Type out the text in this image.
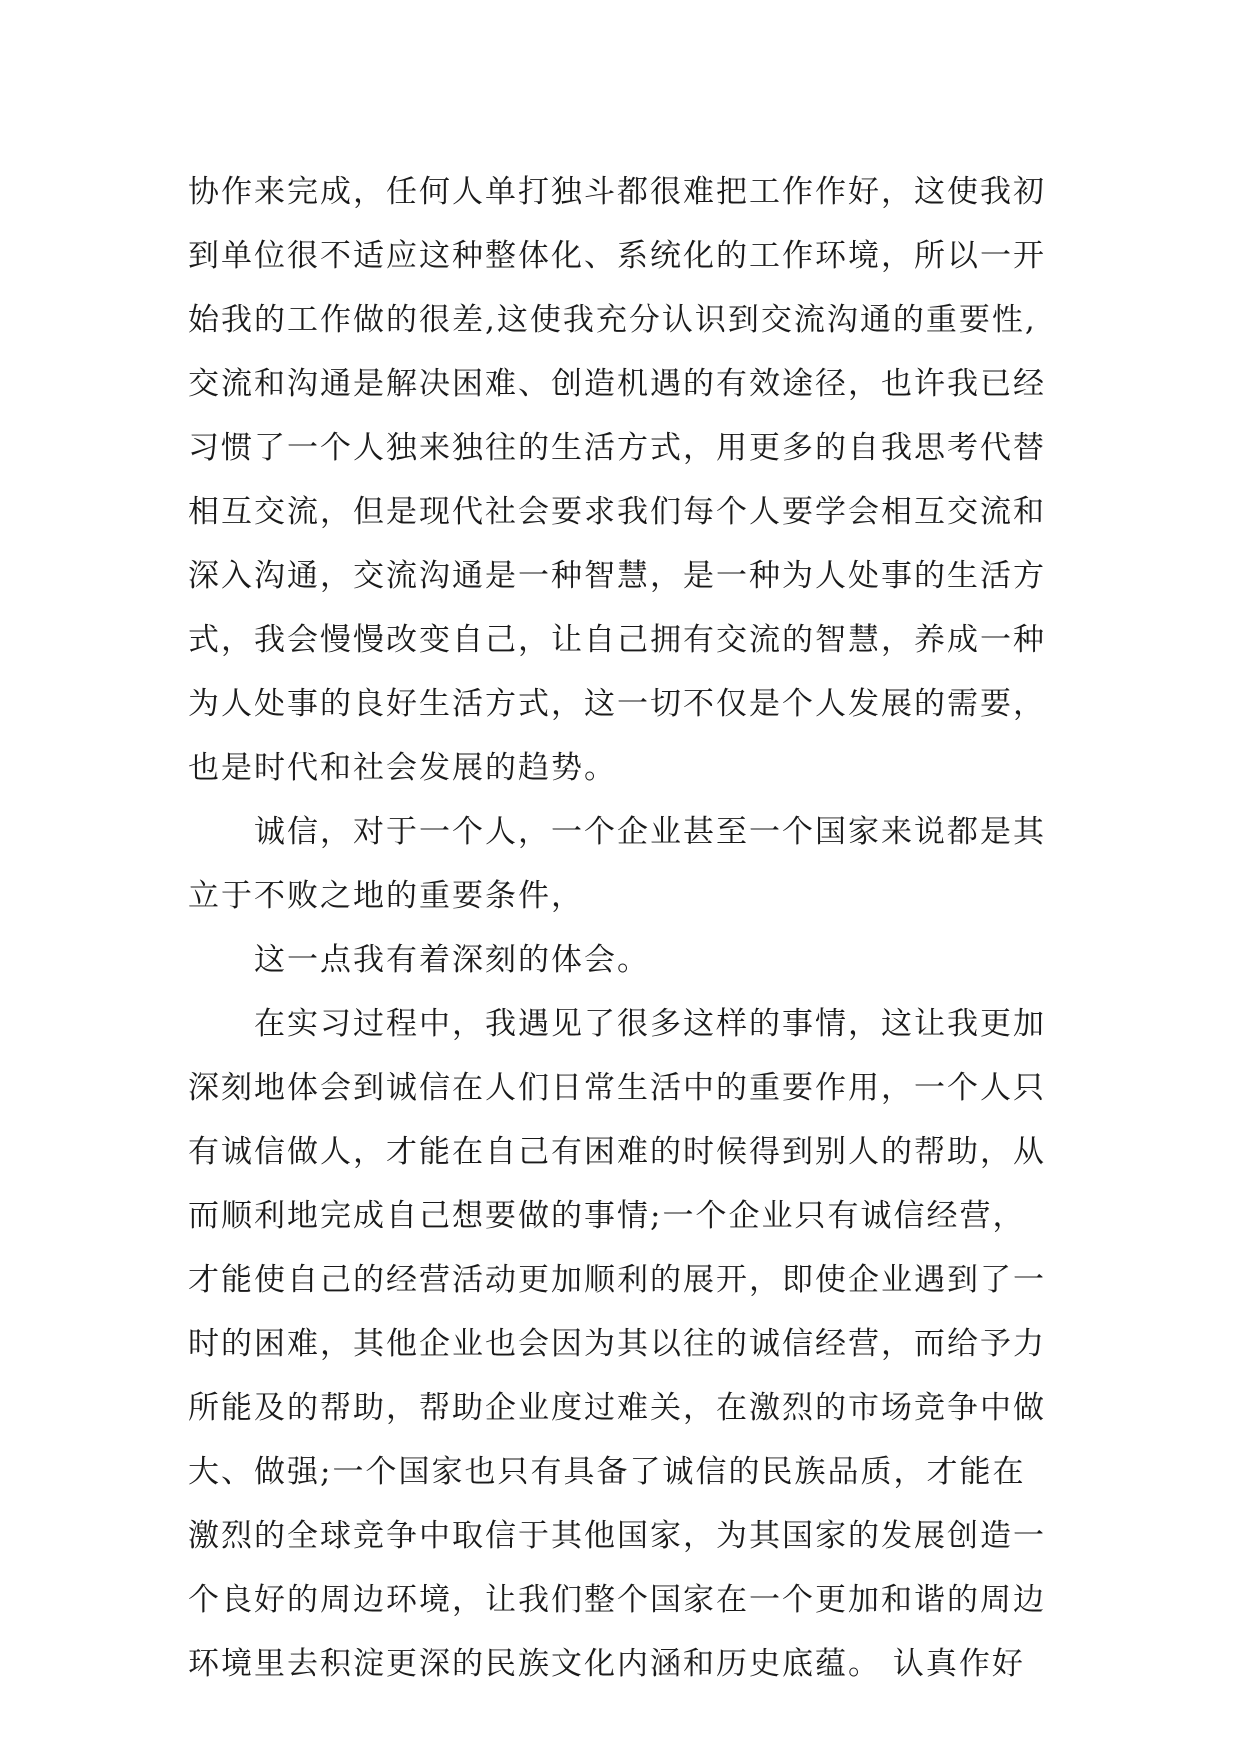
协作来完成，任何人单打独斗都很难把工作作好，这使我初
到单位很不适应这种整体化、系统化的工作环境，所以一开
始我的工作做的很差,这使我充分认识到交流沟通的重要性,
交流和沟通是解决困难、创造机遇的有效途径，也许我已经
习惯了一个人独来独往的生活方式，用更多的自我思考代替
相互交流，但是现代社会要求我们每个人要学会相互交流和
深入沟通，交流沟通是一种智慧，是一种为人处事的生活方
式，我会慢慢改变自己，让自己拥有交流的智慧，养成一种
为人处事的良好生活方式，这一切不仅是个人发展的需要，
也是时代和社会发展的趋势。
诚信，对于一个人，一个企业甚至一个国家来说都是其
立于不败之地的重要条件，
这一点我有着深刻的体会。
在实习过程中，我遇见了很多这样的事情，这让我更加
深刻地体会到诚信在人们日常生活中的重要作用，一个人只
有诚信做人，才能在自己有困难的时候得到别人的帮助，从
而顺利地完成自己想要做的事情;一个企业只有诚信经营，
才能使自己的经营活动更加顺利的展开，即使企业遇到了一
时的困难，其他企业也会因为其以往的诚信经营，而给予力
所能及的帮助，帮助企业度过难关，在激烈的市场竞争中做
大、做强;一个国家也只有具备了诚信的民族品质，才能在
激烈的全球竞争中取信于其他国家，为其国家的发展创造一
个良好的周边环境，让我们整个国家在一个更加和谐的周边
环境里去积淀更深的民族文化内涵和历史底蕴。 认真作好
